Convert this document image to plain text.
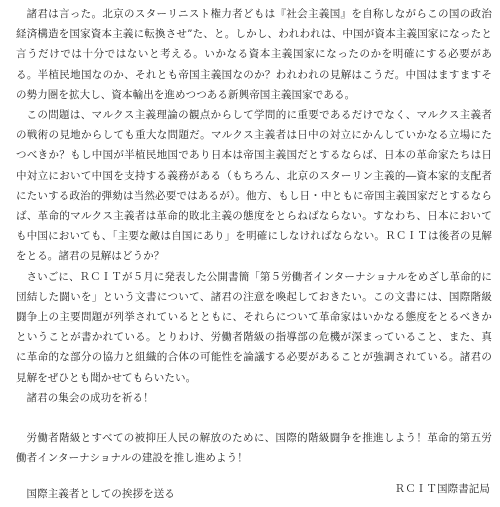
諸君は言った。北京のスターリニスト権力者どもは『社会主義国』を自称しながらこの国の政治経済構造を国家資本主義に転換させ”た、と。しかし、われわれは、中国が資本主義国家になったと言うだけでは十分ではないと考える。いかなる資本主義国家になったのかを明確にする必要がある。半植民地国なのか、それとも帝国主義国なのか？われわれの見解はこうだ。中国はますますその勢力圏を拡大し、資本輸出を進めつつある新興帝国主義国家である。

この問題は、マルクス主義理論の観点からして学問的に重要であるだけでなく、マルクス主義者の戦術の見地からしても重大な問題だ。マルクス主義者は日中の対立にかんしていかなる立場にたつべきか？もし中国が半植民地国であり日本は帝国主義国だとするならば、日本の革命家たちは日中対立において中国を支持する義務がある（もちろん、北京のスターリン主義的―資本家的支配者にたいする政治的弾劾は当然必要ではあるが）。他方、もし日・中ともに帝国主義国家だとするならば、革命的マルクス主義者は革命的敗北主義の態度をとらねばならない。すなわち、日本においても中国においても、「主要な敵は自国にあり」を明確にしなければならない。ＲＣＩＴは後者の見解をとる。諸君の見解はどうか？

さいごに、ＲＣＩＴが５月に発表した公開書簡「第５労働者インターナショナルをめざし革命的に団結した闘いを」という文書について、諸君の注意を喚起しておきたい。この文書には、国際階級闘争上の主要問題が列挙されているとともに、それらについて革命家はいかなる態度をとるべきかということが書かれている。とりわけ、労働者階級の指導部の危機が深まっていること、また、真に革命的な部分の協力と組織的合体の可能性を論議する必要があることが強調されている。諸君の見解をぜひとも聞かせてもらいたい。

諸君の集会の成功を祈る！

労働者階級とすべての被抑圧人民の解放のために、国際的階級闘争を推進しよう！革命的第五労働者インターナショナルの建設を推し進めよう！

国際主義者としての挨拶を送る	ＲＣＩＴ国際書記局
